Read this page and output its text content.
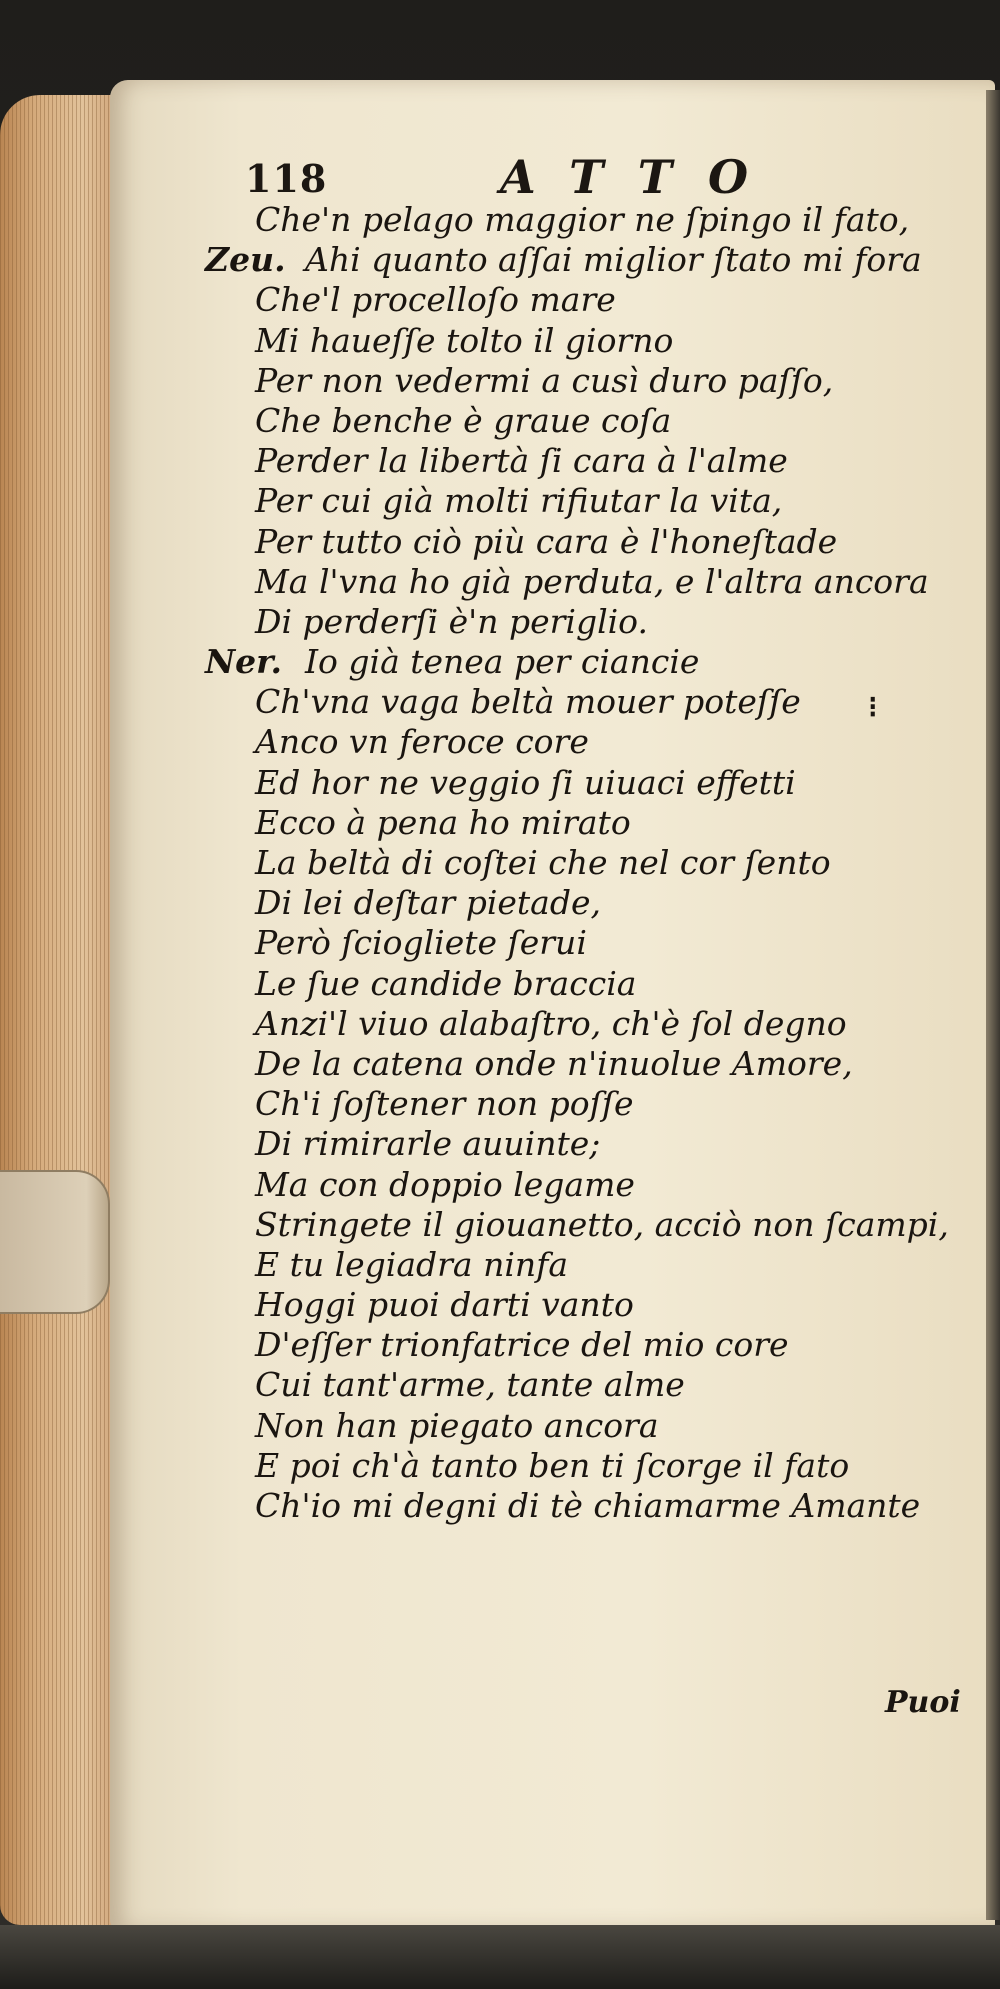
118	ATTO
Che'n pelago maggior ne ſpingo il fato,
Zeu. Ahi quanto aſſai miglior ſtato mi fora
Che'l procelloſo mare
Mi haueſſe tolto il giorno
Per non vedermi a cusì duro paſſo,
Che benche è graue coſa
Perder la libertà ſi cara à l'alme
Per cui già molti rifiutar la vita,
Per tutto ciò più cara è l'honeſtade
Ma l'vna ho già perduta, e l'altra ancora
Di perderſi è'n periglio.
Ner. Io già tenea per ciancie
Ch'vna vaga beltà mouer poteſſe
Anco vn feroce core
Ed hor ne veggio ſi uiuaci effetti
Ecco à pena ho mirato
La beltà di coſtei che nel cor ſento
Di lei deſtar pietade,
Però ſciogliete ſerui
Le ſue candide braccia
Anzi'l viuo alabaſtro, ch'è ſol degno
De la catena onde n'inuolue Amore,
Ch'i ſoſtener non poſſe
Di rimirarle auuinte;
Ma con doppio legame
Stringete il giouanetto, acciò non ſcampi,
E tu legiadra ninfa
Hoggi puoi darti vanto
D'eſſer trionfatrice del mio core
Cui tant'arme, tante alme
Non han piegato ancora
E poi ch'à tanto ben ti ſcorge il fato
Ch'io mi degni di tè chiamarme Amante
Puoi
⁝
